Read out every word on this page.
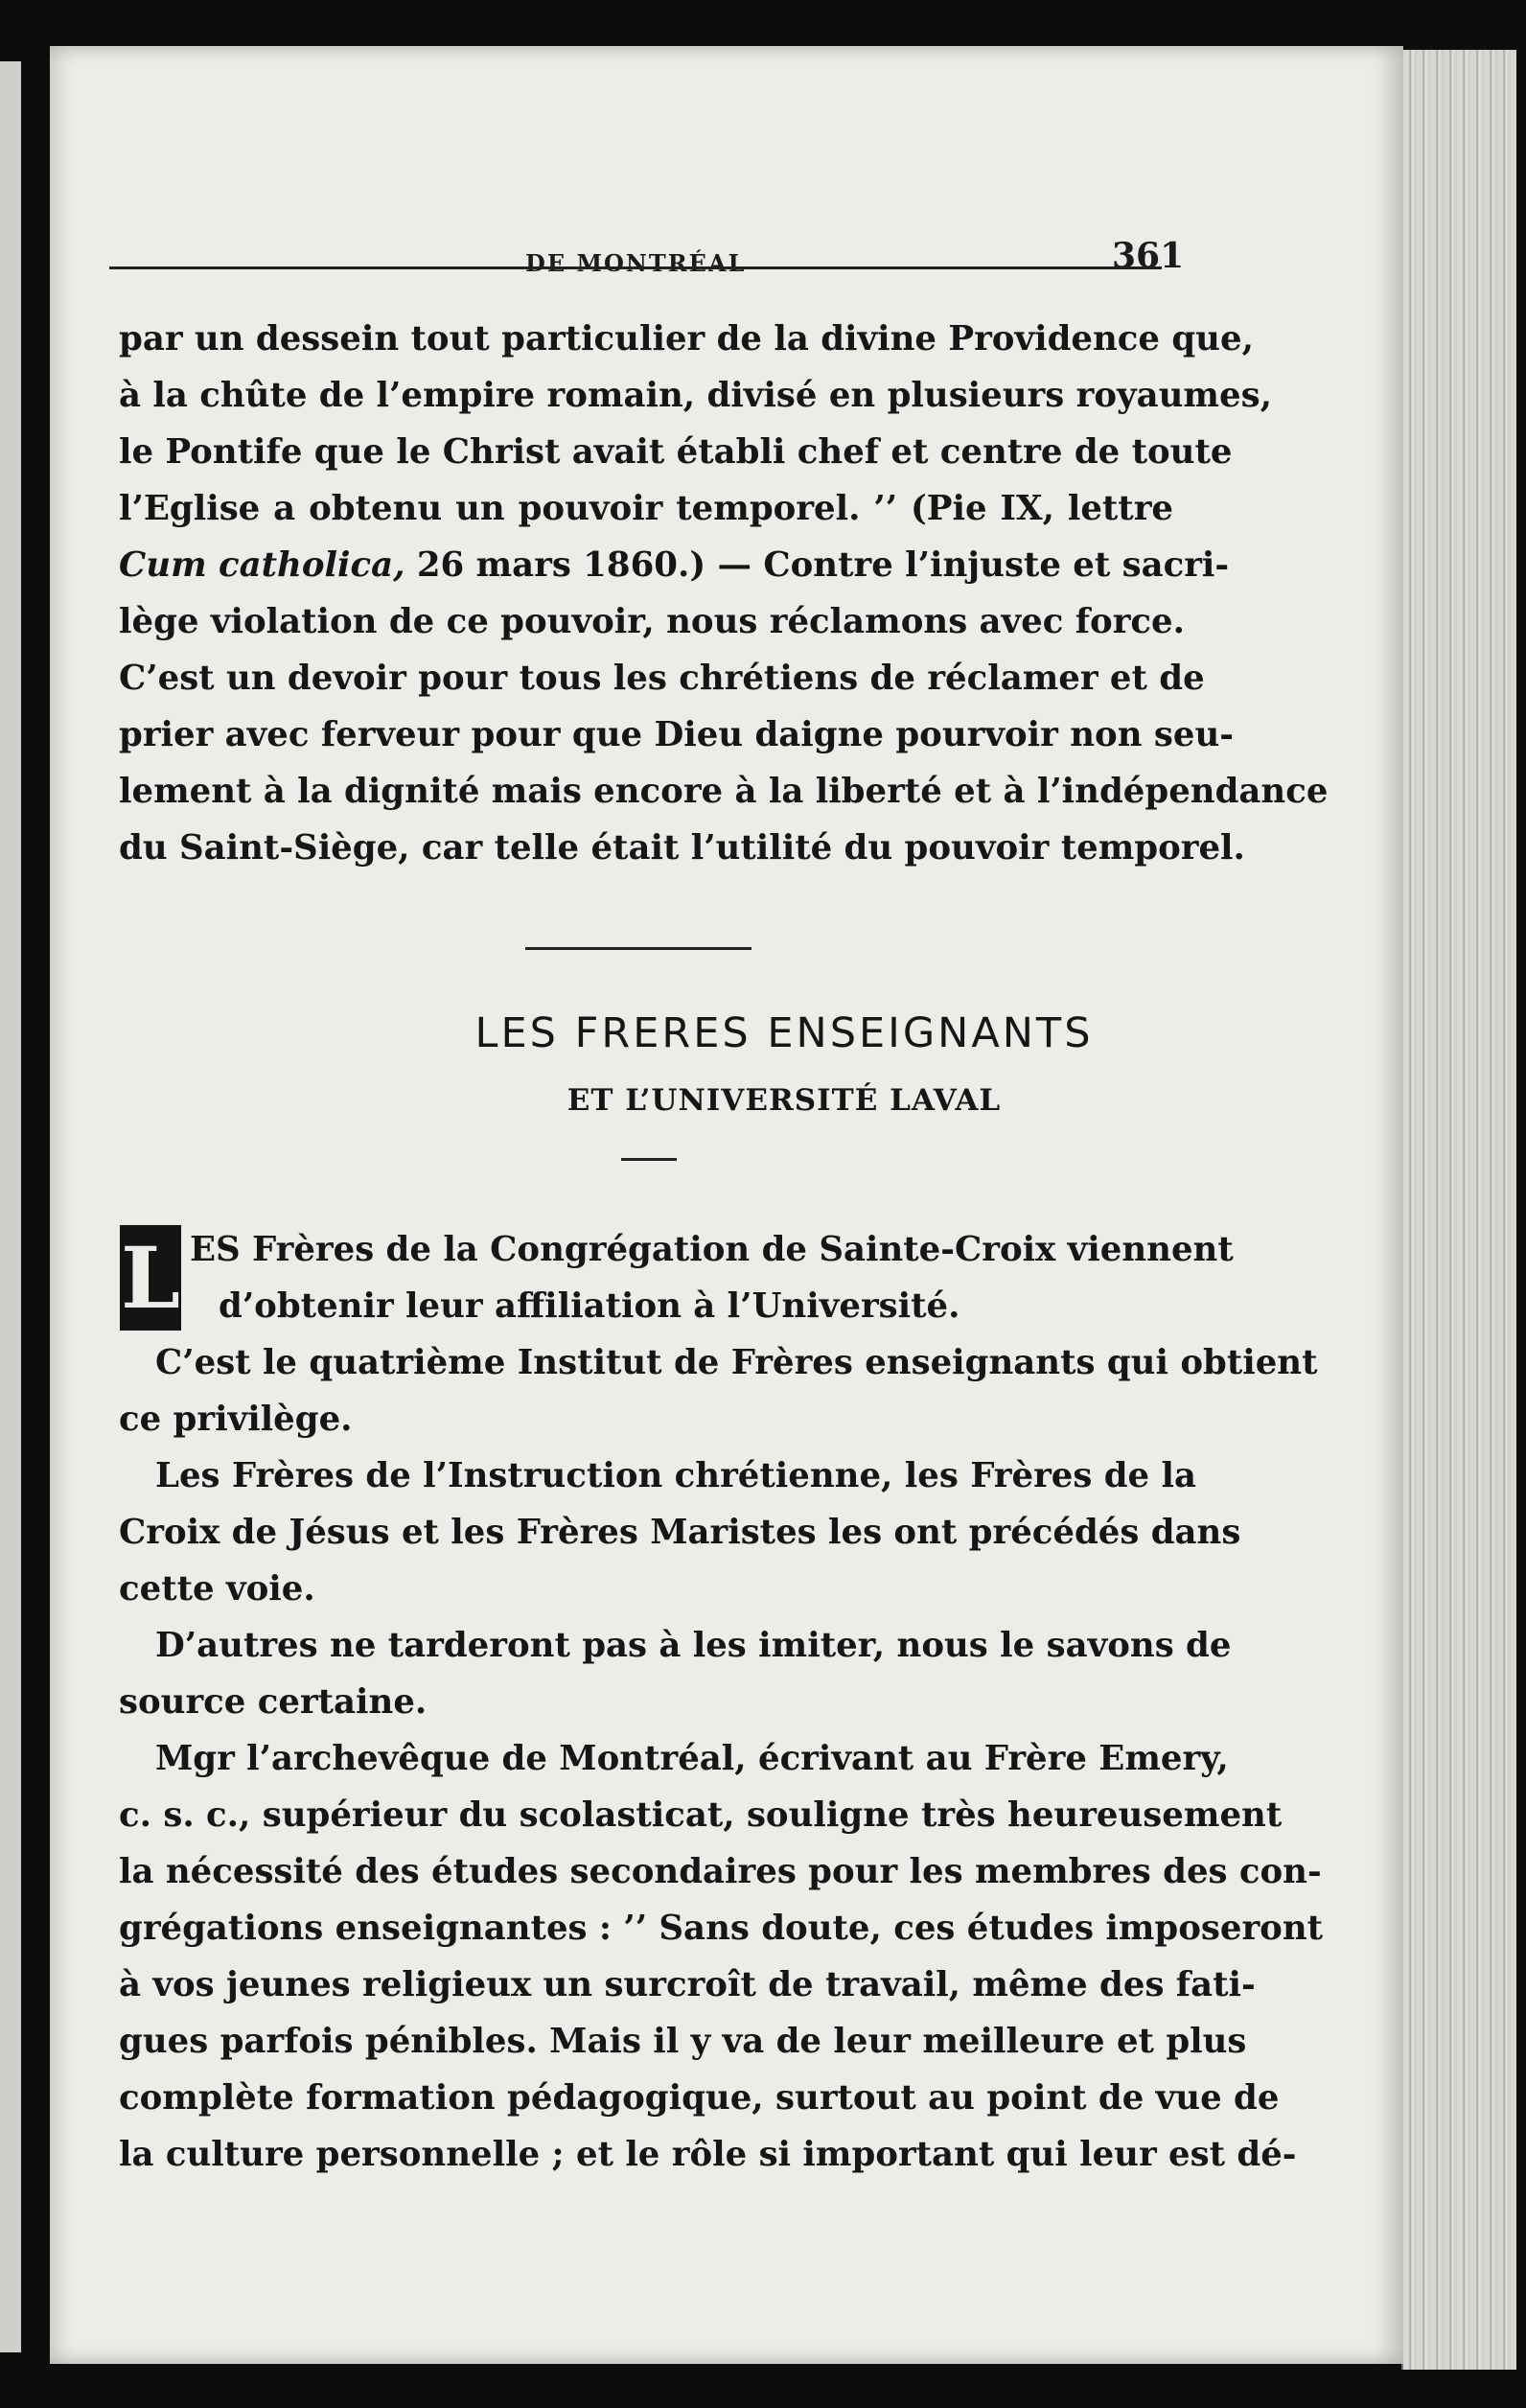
DE MONTRÉAL	361
par un dessein tout particulier de la divine Providence que,
à la chûte de l’empire romain, divisé en plusieurs royaumes,
le Pontife que le Christ avait établi chef et centre de toute
l’Eglise a obtenu un pouvoir temporel. ’’ (Pie IX, lettre
Cum catholica, 26 mars 1860.) — Contre l’injuste et sacri-
lège violation de ce pouvoir, nous réclamons avec force.
C’est un devoir pour tous les chrétiens de réclamer et de
prier avec ferveur pour que Dieu daigne pourvoir non seu-
lement à la dignité mais encore à la liberté et à l’indépendance
du Saint-Siège, car telle était l’utilité du pouvoir temporel.
LES FRERES ENSEIGNANTS
ET L’UNIVERSITÉ LAVAL
L ES Frères de la Congrégation de Sainte-Croix viennent
d’obtenir leur affiliation à l’Université.
C’est le quatrième Institut de Frères enseignants qui obtient
ce privilège.
Les Frères de l’Instruction chrétienne, les Frères de la
Croix de Jésus et les Frères Maristes les ont précédés dans
cette voie.
D’autres ne tarderont pas à les imiter, nous le savons de
source certaine.
Mgr l’archevêque de Montréal, écrivant au Frère Emery,
c. s. c., supérieur du scolasticat, souligne très heureusement
la nécessité des études secondaires pour les membres des con-
grégations enseignantes : ’’ Sans doute, ces études imposeront
à vos jeunes religieux un surcroît de travail, même des fati-
gues parfois pénibles. Mais il y va de leur meilleure et plus
complète formation pédagogique, surtout au point de vue de
la culture personnelle ; et le rôle si important qui leur est dé-
